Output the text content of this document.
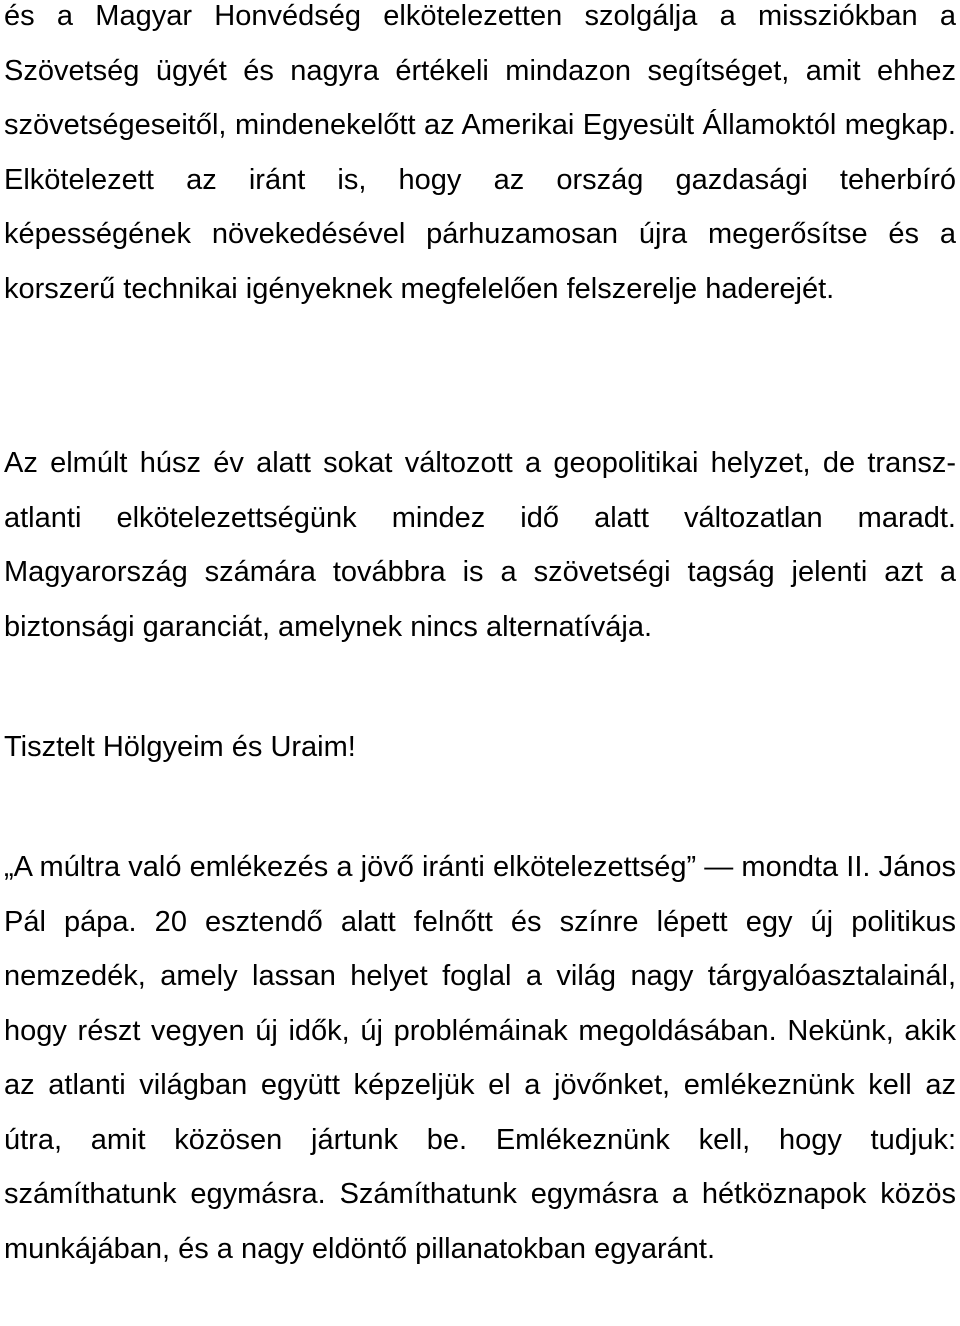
és a Magyar Honvédség elkötelezetten szolgálja a missziókban a Szövetség ügyét és nagyra értékeli mindazon segítséget, amit ehhez szövetségeseitől, mindenekelőtt az Amerikai Egyesült Államoktól megkap. Elkötelezett az iránt is, hogy az ország gazdasági teherbíró képességének növekedésével párhuzamosan újra megerősítse és a korszerű technikai igényeknek megfelelően felszerelje haderejét.

Az elmúlt húsz év alatt sokat változott a geopolitikai helyzet, de transz-atlanti elkötelezettségünk mindez idő alatt változatlan maradt. Magyarország számára továbbra is a szövetségi tagság jelenti azt a biztonsági garanciát, amelynek nincs alternatívája.

Tisztelt Hölgyeim és Uraim!

„A múltra való emlékezés a jövő iránti elkötelezettség” — mondta II. János Pál pápa. 20 esztendő alatt felnőtt és színre lépett egy új politikus nemzedék, amely lassan helyet foglal a világ nagy tárgyalóasztalainál, hogy részt vegyen új idők, új problémáinak megoldásában. Nekünk, akik az atlanti világban együtt képzeljük el a jövőnket, emlékeznünk kell az útra, amit közösen jártunk be. Emlékeznünk kell, hogy tudjuk: számíthatunk egymásra. Számíthatunk egymásra a hétköznapok közös munkájában, és a nagy eldöntő pillanatokban egyaránt.
